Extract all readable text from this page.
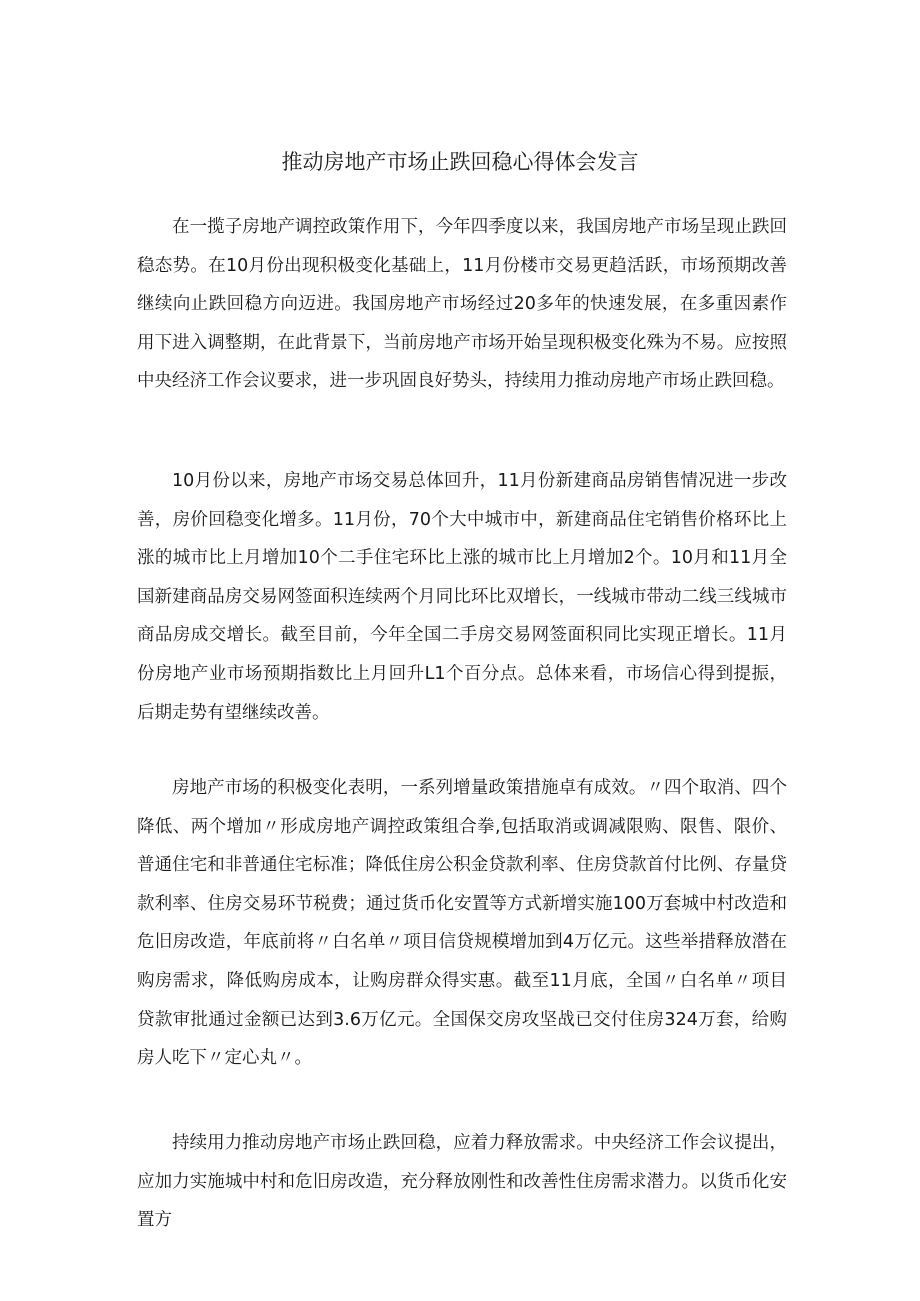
推动房地产市场止跌回稳心得体会发言

在一揽子房地产调控政策作用下，今年四季度以来，我国房地产市场呈现止跌回稳态势。在10月份出现积极变化基础上，11月份楼市交易更趋活跃，市场预期改善继续向止跌回稳方向迈进。我国房地产市场经过20多年的快速发展，在多重因素作用下进入调整期，在此背景下，当前房地产市场开始呈现积极变化殊为不易。应按照中央经济工作会议要求，进一步巩固良好势头，持续用力推动房地产市场止跌回稳。

10月份以来，房地产市场交易总体回升，11月份新建商品房销售情况进一步改善，房价回稳变化增多。11月份，70个大中城市中，新建商品住宅销售价格环比上涨的城市比上月增加10个二手住宅环比上涨的城市比上月增加2个。10月和11月全国新建商品房交易网签面积连续两个月同比环比双增长，一线城市带动二线三线城市商品房成交增长。截至目前，今年全国二手房交易网签面积同比实现正增长。11月份房地产业市场预期指数比上月回升L1个百分点。总体来看，市场信心得到提振，后期走势有望继续改善。

房地产市场的积极变化表明，一系列增量政策措施卓有成效。〃四个取消、四个降低、两个增加〃形成房地产调控政策组合拳,包括取消或调减限购、限售、限价、普通住宅和非普通住宅标准；降低住房公积金贷款利率、住房贷款首付比例、存量贷款利率、住房交易环节税费；通过货币化安置等方式新增实施100万套城中村改造和危旧房改造，年底前将〃白名单〃项目信贷规模增加到4万亿元。这些举措释放潜在购房需求，降低购房成本，让购房群众得实惠。截至11月底，全国〃白名单〃项目贷款审批通过金额已达到3.6万亿元。全国保交房攻坚战已交付住房324万套，给购房人吃下〃定心丸〃。

持续用力推动房地产市场止跌回稳，应着力释放需求。中央经济工作会议提出，应加力实施城中村和危旧房改造，充分释放刚性和改善性住房需求潜力。以货币化安置方
